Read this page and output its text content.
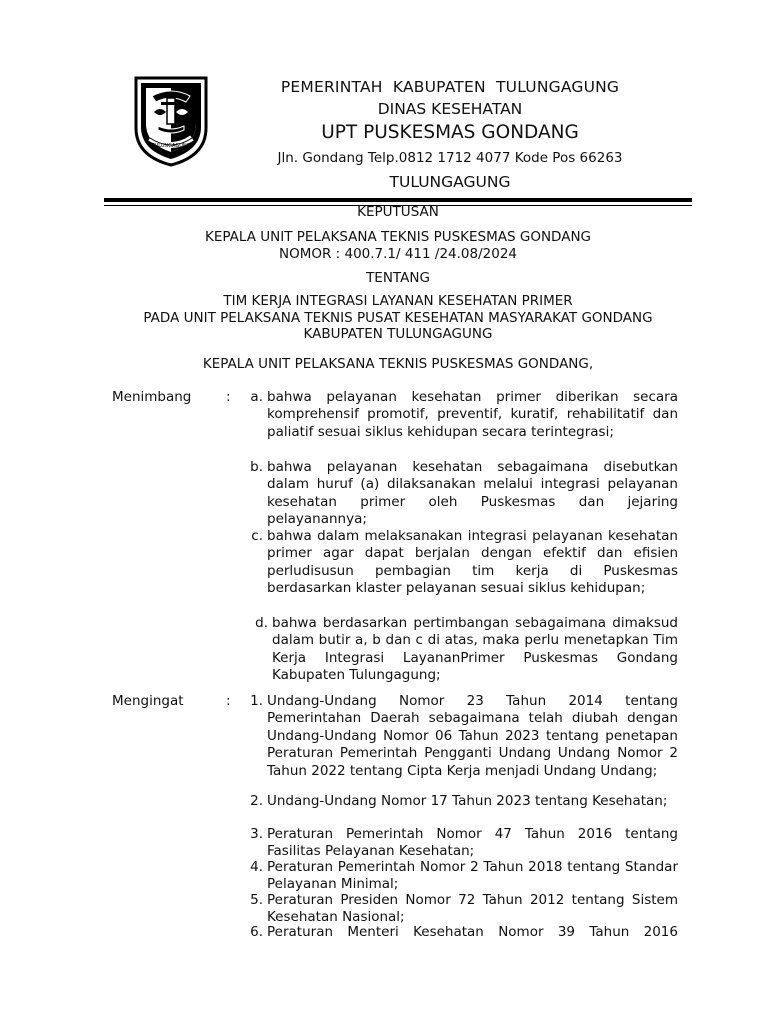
TULUNGAGUNG
PEMERINTAH  KABUPATEN  TULUNGAGUNG
DINAS KESEHATAN
UPT PUSKESMAS GONDANG
Jln. Gondang Telp.0812 1712 4077 Kode Pos 66263
TULUNGAGUNG
KEPUTUSAN
KEPALA UNIT PELAKSANA TEKNIS PUSKESMAS GONDANG
NOMOR : 400.7.1/ 411 /24.08/2024
TENTANG
TIM KERJA INTEGRASI LAYANAN KESEHATAN PRIMER
PADA UNIT PELAKSANA TEKNIS PUSAT KESEHATAN MASYARAKAT GONDANG
KABUPATEN TULUNGAGUNG
KEPALA UNIT PELAKSANA TEKNIS PUSKESMAS GONDANG,
Menimbang	:	a. bahwa pelayanan kesehatan primer diberikan secara komprehensif promotif, preventif, kuratif, rehabilitatif dan paliatif sesuai siklus kehidupan secara terintegrasi;
b. bahwa pelayanan kesehatan sebagaimana disebutkan dalam huruf (a) dilaksanakan melalui integrasi pelayanan kesehatan primer oleh Puskesmas dan jejaring pelayanannya;
c. bahwa dalam melaksanakan integrasi pelayanan kesehatan primer agar dapat berjalan dengan efektif dan efisien perludisusun pembagian tim kerja di Puskesmas berdasarkan klaster pelayanan sesuai siklus kehidupan;
d. bahwa berdasarkan pertimbangan sebagaimana dimaksud dalam butir a, b dan c di atas, maka perlu menetapkan Tim Kerja Integrasi LayananPrimer Puskesmas Gondang Kabupaten Tulungagung;
Mengingat	:	1. Undang-Undang Nomor 23 Tahun 2014 tentang Pemerintahan Daerah sebagaimana telah diubah dengan Undang-Undang Nomor 06 Tahun 2023 tentang penetapan Peraturan Pemerintah Pengganti Undang Undang Nomor 2 Tahun 2022 tentang Cipta Kerja menjadi Undang Undang;
2. Undang-Undang Nomor 17 Tahun 2023 tentang Kesehatan;
3. Peraturan Pemerintah Nomor 47 Tahun 2016 tentang Fasilitas Pelayanan Kesehatan;
4. Peraturan Pemerintah Nomor 2 Tahun 2018 tentang Standar Pelayanan Minimal;
5. Peraturan Presiden Nomor 72 Tahun 2012 tentang Sistem Kesehatan Nasional;
6. Peraturan Menteri Kesehatan Nomor 39 Tahun 2016
